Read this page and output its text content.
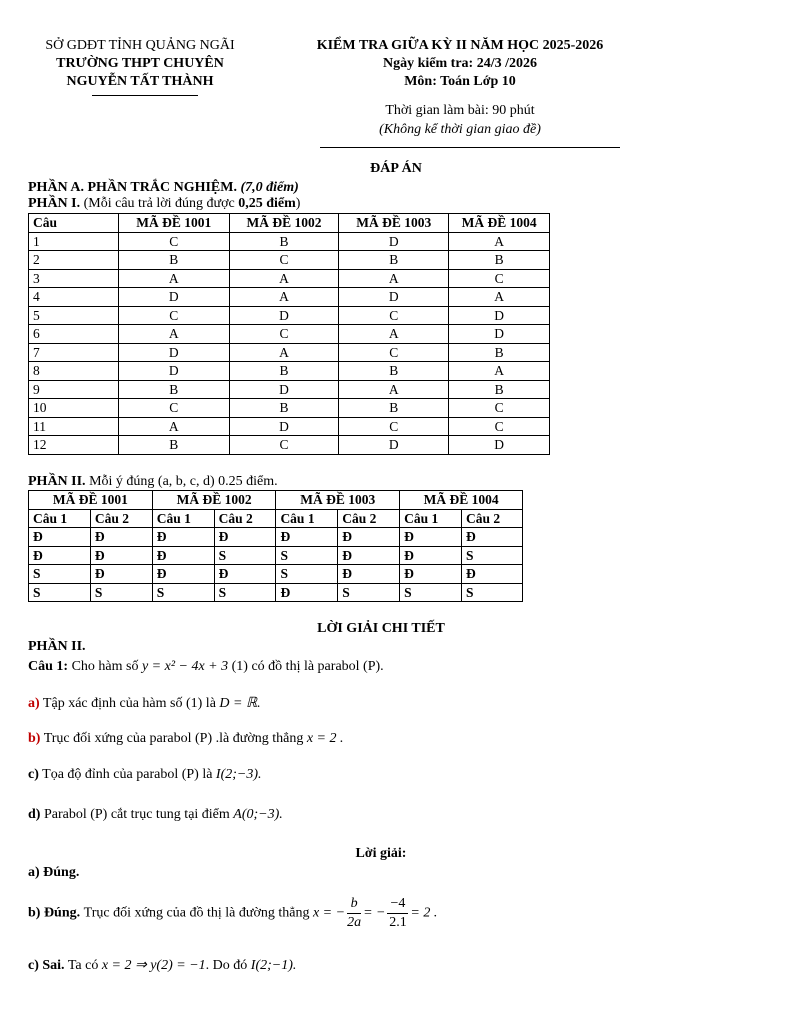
SỞ GDĐT TỈNH QUẢNG NGÃI
TRƯỜNG THPT CHUYÊN
NGUYỄN TẤT THÀNH
KIỂM TRA GIỮA KỲ II NĂM HỌC 2025-2026
Ngày kiểm tra: 24/3 /2026
Môn: Toán Lớp 10
Thời gian làm bài: 90 phút
(Không kể thời gian giao đề)
ĐÁP ÁN
PHẦN A. PHẦN TRẮC NGHIỆM. (7,0 điểm)
PHẦN I. (Mỗi câu trả lời đúng được 0,25 điểm)
Câu	MÃ ĐỀ 1001	MÃ ĐỀ 1002	MÃ ĐỀ 1003	MÃ ĐỀ 1004
1	C	B	D	A
2	B	C	B	B
3	A	A	A	C
4	D	A	D	A
5	C	D	C	D
6	A	C	A	D
7	D	A	C	B
8	D	B	B	A
9	B	D	A	B
10	C	B	B	C
11	A	D	C	C
12	B	C	D	D
PHẦN II. Mỗi ý đúng (a, b, c, d) 0.25 điểm.
MÃ ĐỀ 1001		MÃ ĐỀ 1002		MÃ ĐỀ 1003		MÃ ĐỀ 1004	
Câu 1	Câu 2	Câu 1	Câu 2	Câu 1	Câu 2	Câu 1	Câu 2
Đ	Đ	Đ	Đ	Đ	Đ	Đ	Đ
Đ	Đ	Đ	S	S	Đ	Đ	S
S	Đ	Đ	Đ	S	Đ	Đ	Đ
S	S	S	S	Đ	S	S	S
LỜI GIẢI CHI TIẾT
PHẦN II.
Câu 1: Cho hàm số y = x² − 4x + 3 (1) có đồ thị là parabol (P).
a) Tập xác định của hàm số (1) là D = ℝ.
b) Trục đối xứng của parabol (P) .là đường thẳng x = 2 .
c) Tọa độ đỉnh của parabol (P) là I(2;−3).
d) Parabol (P) cắt trục tung tại điểm A(0;−3).
Lời giải:
a) Đúng.
b) Đúng. Trục đối xứng của đồ thị là đường thẳng x = − $\frac{b}{2a}$ = − $\frac{-4}{2.1} = 2$ .
c) Sai. Ta có x = 2 ⇒ y(2) = −1. Do đó I(2;−1).
